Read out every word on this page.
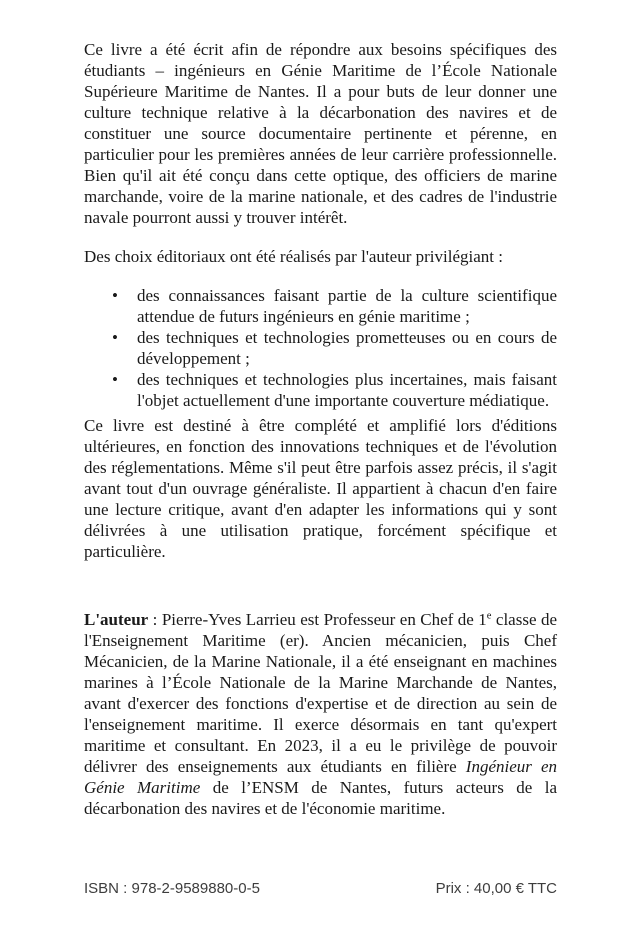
Ce livre a été écrit afin de répondre aux besoins spécifiques des étudiants – ingénieurs en Génie Maritime de l’École Nationale Supérieure Maritime de Nantes. Il a pour buts de leur donner une culture technique relative à la décarbonation des navires et de constituer une source documentaire pertinente et pérenne, en particulier pour les premières années de leur carrière professionnelle. Bien qu'il ait été conçu dans cette optique, des officiers de marine marchande, voire de la marine nationale, et des cadres de l'industrie navale pourront aussi y trouver intérêt.

Des choix éditoriaux ont été réalisés par l'auteur privilégiant :

• des connaissances faisant partie de la culture scientifique attendue de futurs ingénieurs en génie maritime ;
• des techniques et technologies prometteuses ou en cours de développement ;
• des techniques et technologies plus incertaines, mais faisant l'objet actuellement d'une importante couverture médiatique.

Ce livre est destiné à être complété et amplifié lors d'éditions ultérieures, en fonction des innovations techniques et de l'évolution des réglementations. Même s'il peut être parfois assez précis, il s'agit avant tout d'un ouvrage généraliste. Il appartient à chacun d'en faire une lecture critique, avant d'en adapter les informations qui y sont délivrées à une utilisation pratique, forcément spécifique et particulière.

L'auteur : Pierre-Yves Larrieu est Professeur en Chef de 1e classe de l'Enseignement Maritime (er). Ancien mécanicien, puis Chef Mécanicien, de la Marine Nationale, il a été enseignant en machines marines à l’École Nationale de la Marine Marchande de Nantes, avant d'exercer des fonctions d'expertise et de direction au sein de l'enseignement maritime. Il exerce désormais en tant qu'expert maritime et consultant. En 2023, il a eu le privilège de pouvoir délivrer des enseignements aux étudiants en filière Ingénieur en Génie Maritime de l’ENSM de Nantes, futurs acteurs de la décarbonation des navires et de l'économie maritime.

ISBN : 978-2-9589880-0-5	Prix : 40,00 € TTC
